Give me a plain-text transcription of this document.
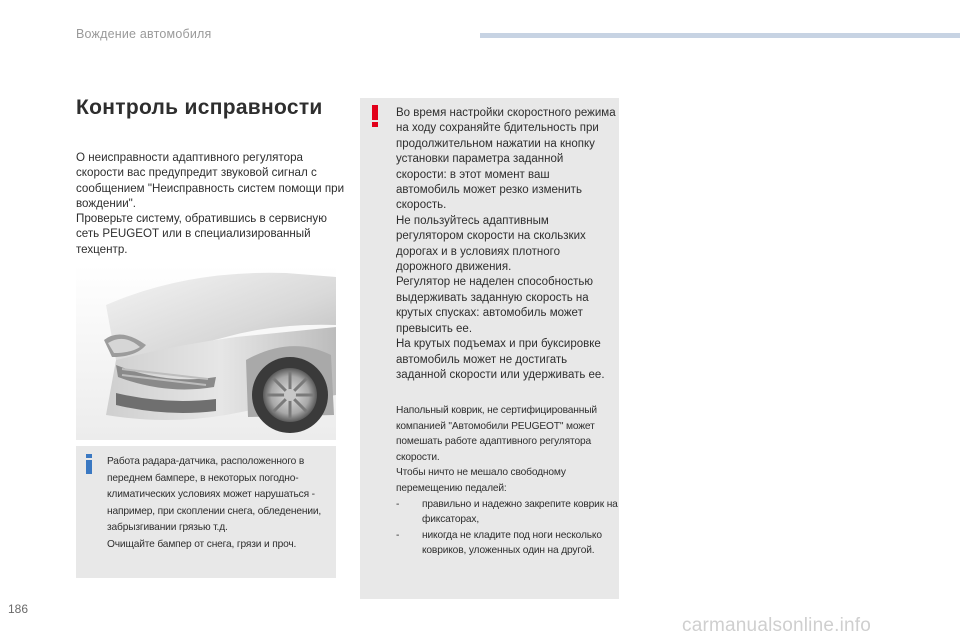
Вождение автомобиля
Контроль исправности

О неисправности адаптивного регулятора скорости вас предупредит звуковой сигнал с сообщением "Неисправность систем помощи при вождении".

Проверьте систему, обратившись в сервисную сеть PEUGEOT или в специализированный техцентр.

Работа радара-датчика, расположенного в переднем бампере, в некоторых погодно-климатических условиях может нарушаться - например, при скоплении снега, обледенении, забрызгивании грязью т.д.

Очищайте бампер от снега, грязи и проч.

Во время настройки скоростного режима на ходу сохраняйте бдительность при продолжительном нажатии на кнопку установки параметра заданной скорости: в этот момент ваш автомобиль может резко изменить скорость.

Не пользуйтесь адаптивным регулятором скорости на скользких дорогах и в условиях плотного дорожного движения.

Регулятор не наделен способностью выдерживать заданную скорость на крутых спусках: автомобиль может превысить ее.

На крутых подъемах и при буксировке автомобиль может не достигать заданной скорости или удерживать ее.

Напольный коврик, не сертифицированный компанией "Автомобили PEUGEOT" может помешать работе адаптивного регулятора скорости.

Чтобы ничто не мешало свободному перемещению педалей:

- правильно и надежно закрепите коврик на фиксаторах,
- никогда не кладите под ноги несколько ковриков, уложенных один на другой.
186
carmanualsonline.info
